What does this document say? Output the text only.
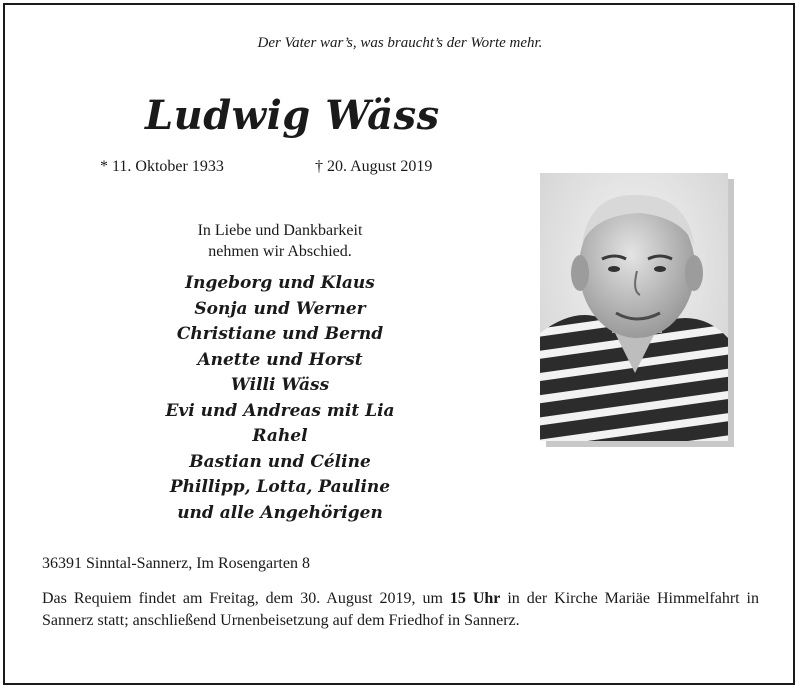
Der Vater war’s, was braucht’s der Worte mehr.
Ludwig Wäss
* 11. Oktober 1933	† 20. August 2019
In Liebe und Dankbarkeit
nehmen wir Abschied.
Ingeborg und Klaus
Sonja und Werner
Christiane und Bernd
Anette und Horst
Willi Wäss
Evi und Andreas mit Lia
Rahel
Bastian und Céline
Phillipp, Lotta, Pauline
und alle Angehörigen
36391 Sinntal-Sannerz, Im Rosengarten 8
Das Requiem findet am Freitag, dem 30. August 2019, um 15 Uhr in der Kirche Mariäe Himmelfahrt in Sannerz statt; anschließend Urnenbeisetzung auf dem Friedhof in Sannerz.
